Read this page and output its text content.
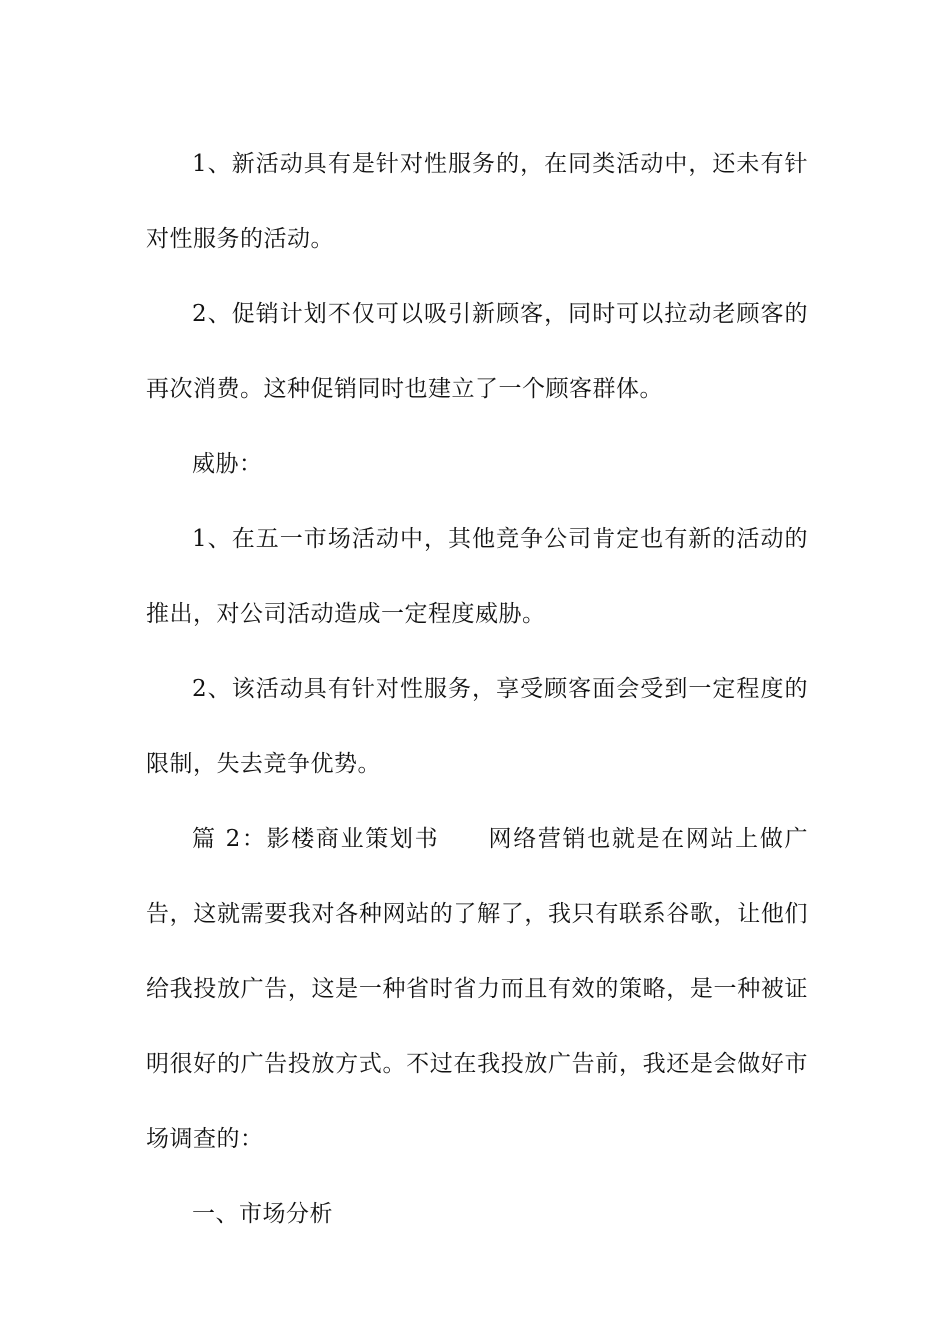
1、新活动具有是针对性服务的，在同类活动中，还未有针对性服务的活动。

2、促销计划不仅可以吸引新顾客，同时可以拉动老顾客的再次消费。这种促销同时也建立了一个顾客群体。

威胁：

1、在五一市场活动中，其他竞争公司肯定也有新的活动的推出，对公司活动造成一定程度威胁。

2、该活动具有针对性服务，享受顾客面会受到一定程度的限制，失去竞争优势。

篇 2：影楼商业策划书　　网络营销也就是在网站上做广告，这就需要我对各种网站的了解了，我只有联系谷歌，让他们给我投放广告，这是一种省时省力而且有效的策略，是一种被证明很好的广告投放方式。不过在我投放广告前，我还是会做好市场调查的：

一、市场分析
